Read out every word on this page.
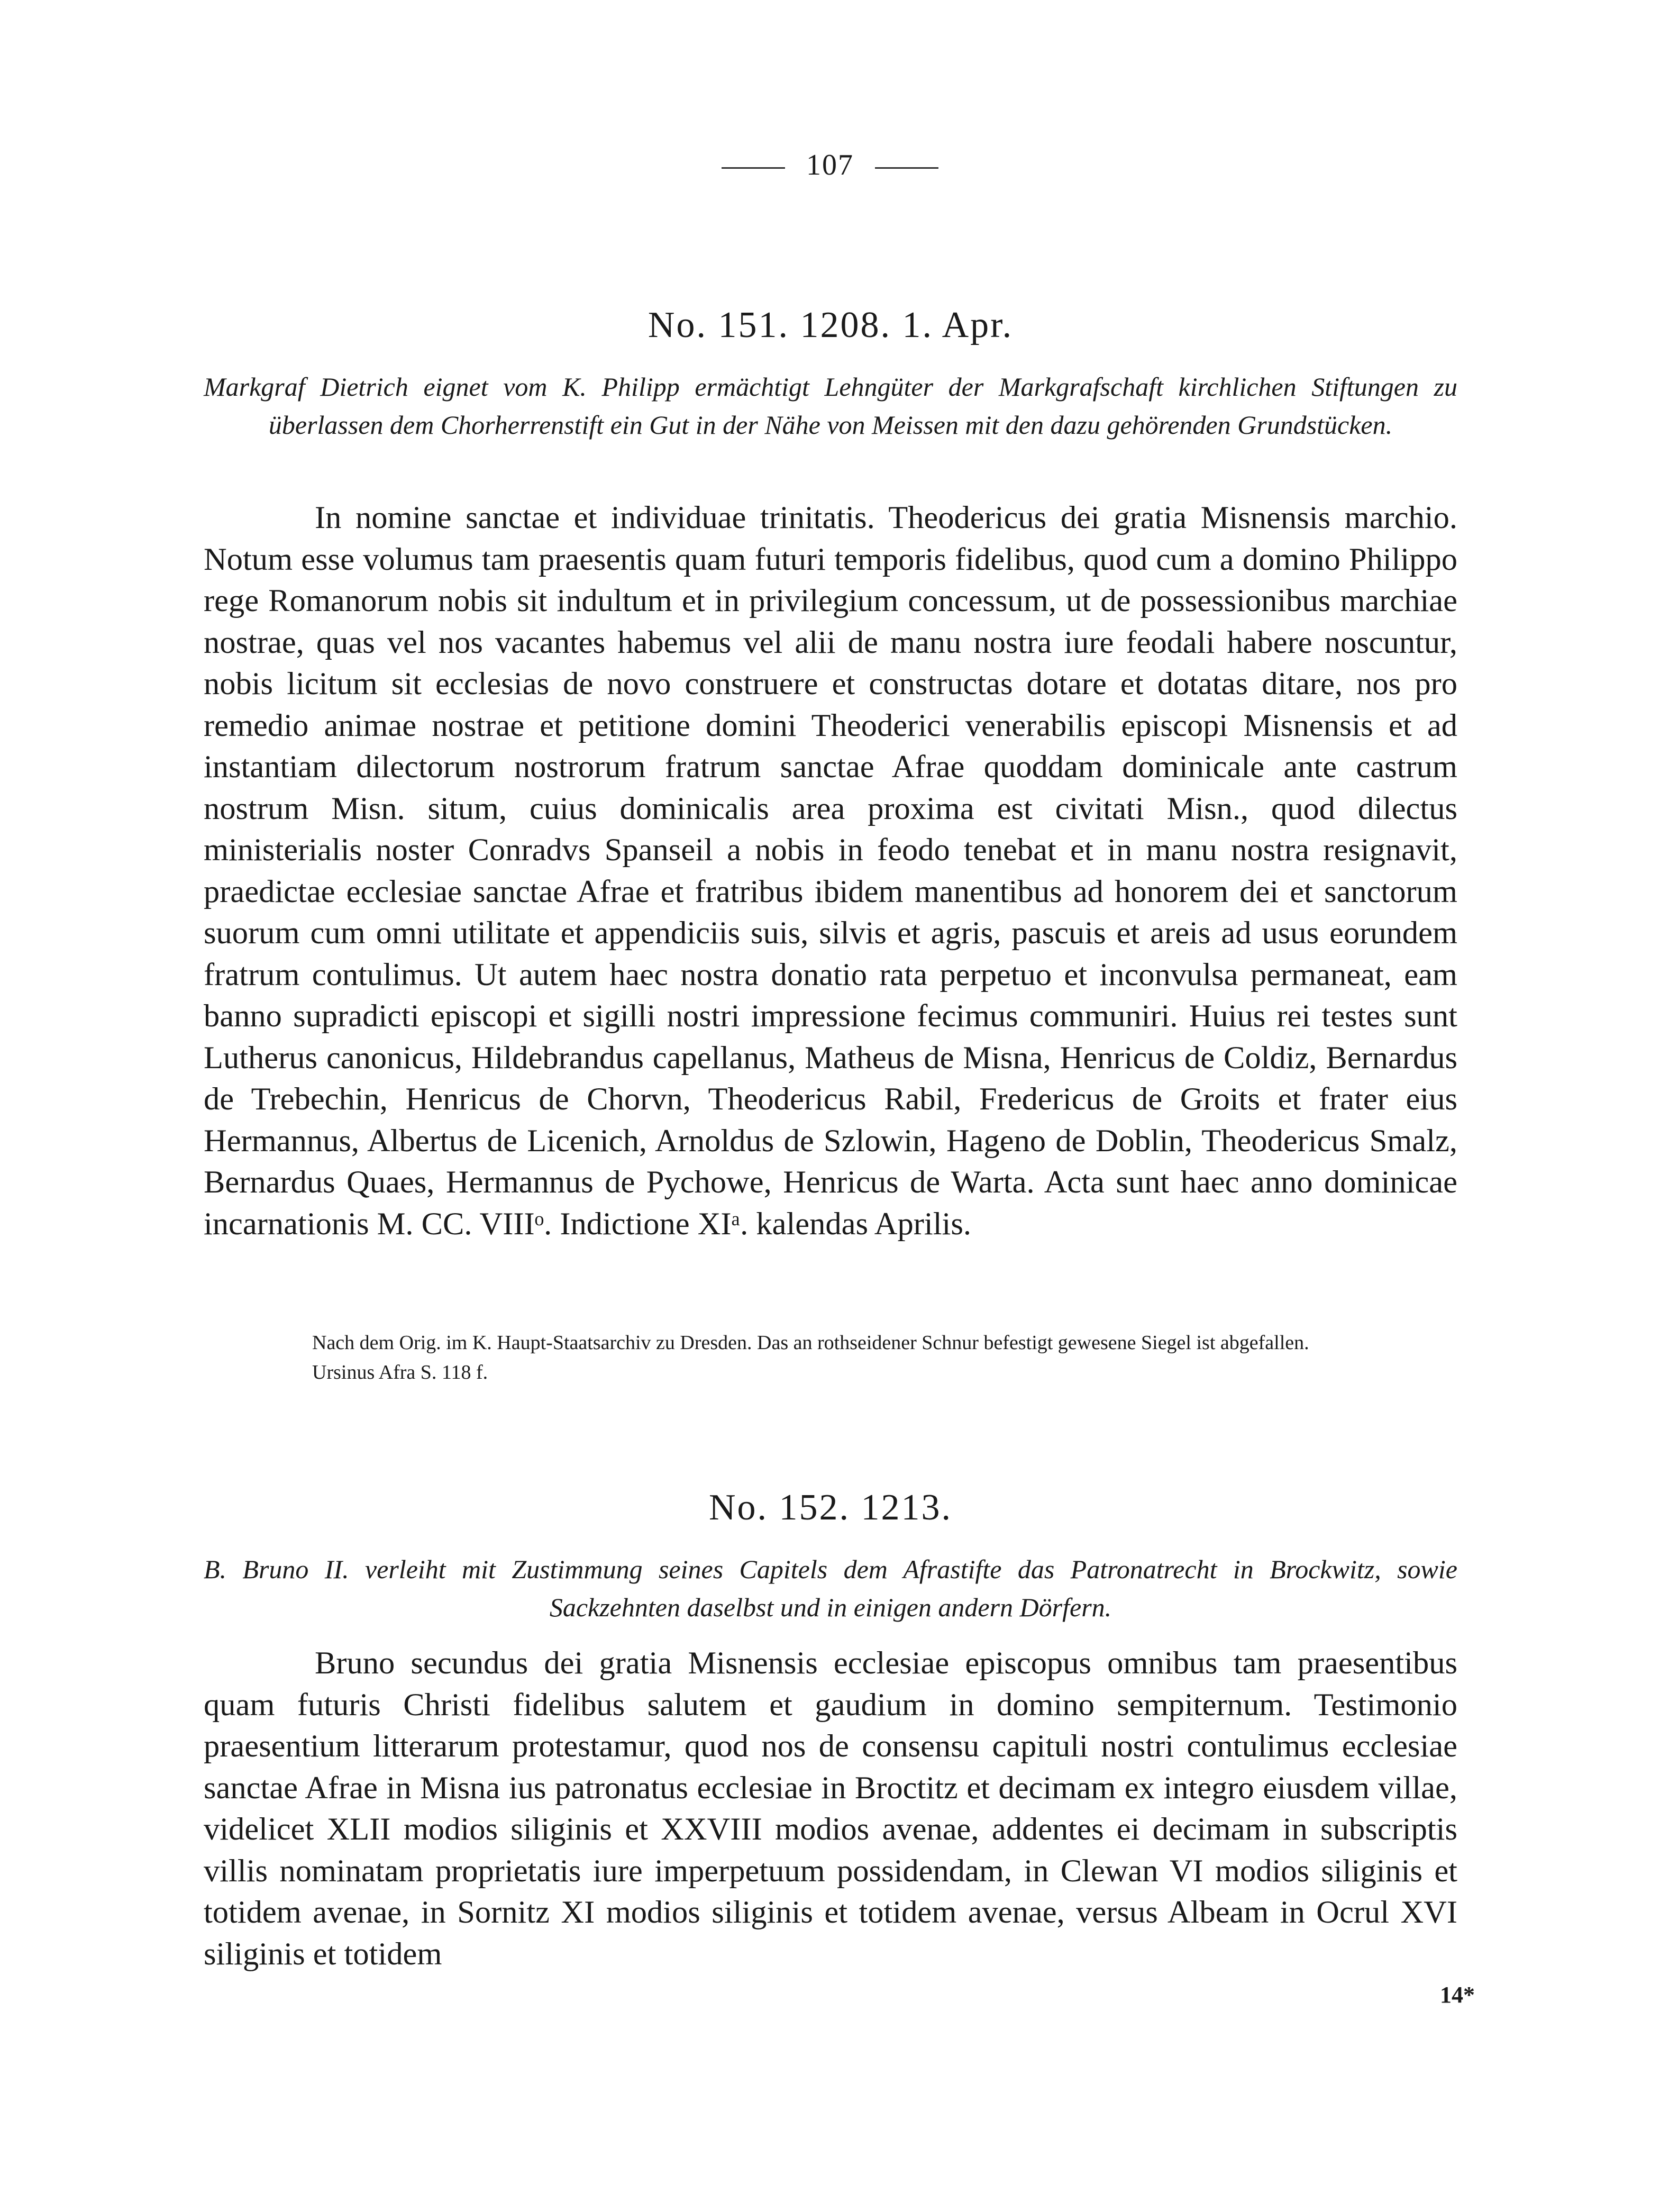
107
No. 151. 1208. 1. Apr.
Markgraf Dietrich eignet vom K. Philipp ermächtigt Lehngüter der Markgrafschaft kirchlichen Stiftungen zu überlassen dem Chorherrenstift ein Gut in der Nähe von Meissen mit den dazu gehörenden Grundstücken.

In nomine sanctae et individuae trinitatis. Theodericus dei gratia Misnensis marchio. Notum esse volumus tam praesentis quam futuri temporis fidelibus, quod cum a domino Philippo rege Romanorum nobis sit indultum et in privilegium concessum, ut de possessionibus marchiae nostrae, quas vel nos vacantes habemus vel alii de manu nostra iure feodali habere noscuntur, nobis licitum sit ecclesias de novo construere et constructas dotare et dotatas ditare, nos pro remedio animae nostrae et petitione domini Theoderici venerabilis episcopi Misnensis et ad instantiam dilectorum nostrorum fratrum sanctae Afrae quoddam dominicale ante castrum nostrum Misn. situm, cuius dominicalis area proxima est civitati Misn., quod dilectus ministerialis noster Conradvs Spanseil a nobis in feodo tenebat et in manu nostra resignavit, praedictae ecclesiae sanctae Afrae et fratribus ibidem manentibus ad honorem dei et sanctorum suorum cum omni utilitate et appendiciis suis, silvis et agris, pascuis et areis ad usus eorundem fratrum contulimus. Ut autem haec nostra donatio rata perpetuo et inconvulsa permaneat, eam banno supradicti episcopi et sigilli nostri impressione fecimus communiri. Huius rei testes sunt Lutherus canonicus, Hildebrandus capellanus, Matheus de Misna, Henricus de Coldiz, Bernardus de Trebechin, Henricus de Chorvn, Theodericus Rabil, Fredericus de Groits et frater eius Hermannus, Albertus de Licenich, Arnoldus de Szlowin, Hageno de Doblin, Theodericus Smalz, Bernardus Quaes, Hermannus de Pychowe, Henricus de Warta. Acta sunt haec anno dominicae incarnationis M. CC. VIIIᵒ. Indictione XIᵃ. kalendas Aprilis.

Nach dem Orig. im K. Haupt-Staatsarchiv zu Dresden. Das an rothseidener Schnur befestigt gewesene Siegel ist abgefallen.

Ursinus Afra S. 118 f.

No. 152. 1213.
B. Bruno II. verleiht mit Zustimmung seines Capitels dem Afrastifte das Patronatrecht in Brockwitz, sowie Sackzehnten daselbst und in einigen andern Dörfern.

Bruno secundus dei gratia Misnensis ecclesiae episcopus omnibus tam praesentibus quam futuris Christi fidelibus salutem et gaudium in domino sempiternum. Testimonio praesentium litterarum protestamur, quod nos de consensu capituli nostri contulimus ecclesiae sanctae Afrae in Misna ius patronatus ecclesiae in Broctitz et decimam ex integro eiusdem villae, videlicet XLII modios siliginis et XXVIII modios avenae, addentes ei decimam in subscriptis villis nominatam proprietatis iure imperpetuum possidendam, in Clewan VI modios siliginis et totidem avenae, in Sornitz XI modios siliginis et totidem avenae, versus Albeam in Ocrul XVI siliginis et totidem

14*
